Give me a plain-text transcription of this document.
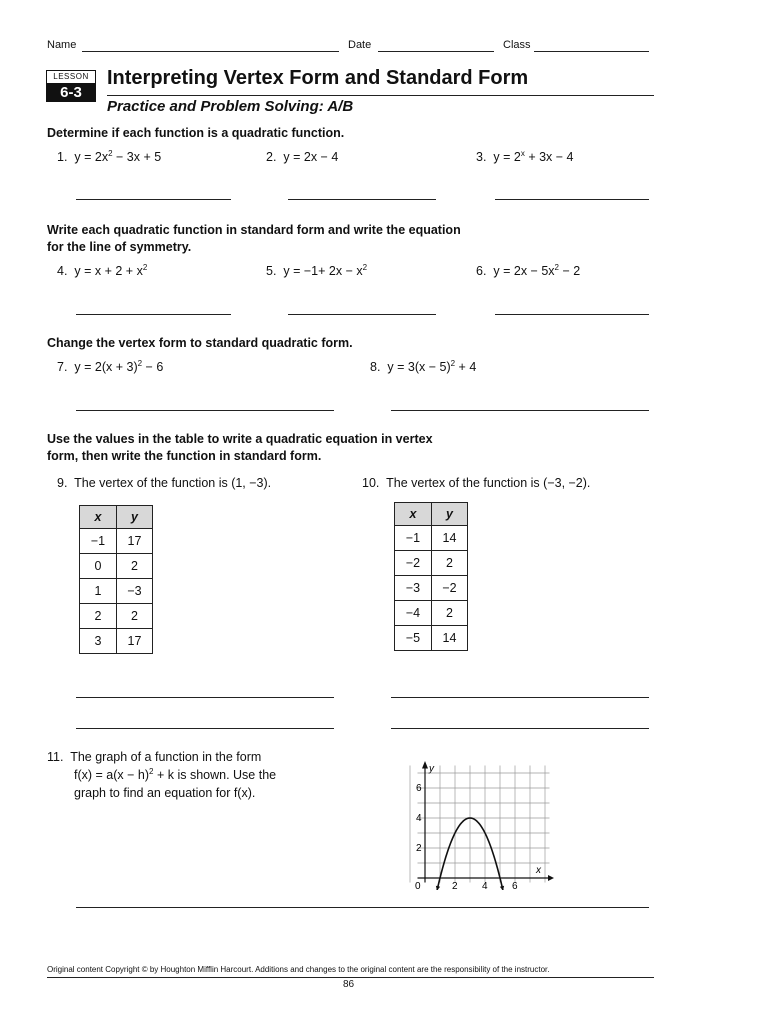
Name	Date	Class
LESSON
6-3
Interpreting Vertex Form and Standard Form
Practice and Problem Solving: A/B
Determine if each function is a quadratic function.
1. $y = 2x^2 - 3x + 5$	2. y = 2x − 4	3. $y = 2^x + 3x - 4$
Write each quadratic function in standard form and write the equation
for the line of symmetry.
4. $y = x + 2 + x^2$	5. $y = -1+ 2x - x^2$	6. $y = 2x - 5x^2 - 2$
Change the vertex form to standard quadratic form.
7. $y = 2(x + 3)^2 - 6$	8. $y = 3(x - 5)^2 + 4$
Use the values in the table to write a quadratic equation in vertex
form, then write the function in standard form.
9. The vertex of the function is (1, −3).	10. The vertex of the function is (−3, −2).
x	y
−1	17
0	2
1	−3
2	2
3	17
x	y
−1	14
−2	2
−3	−2
−4	2
−5	14
11. The graph of a function in the form
$f(x) = a(x - h)^2 + k$ is shown. Use the
graph to find an equation for f(x).
x
y
0	2 4 6
2
4
6
Original content Copyright © by Houghton Mifflin Harcourt. Additions and changes to the original content are the responsibility of the instructor.
86
